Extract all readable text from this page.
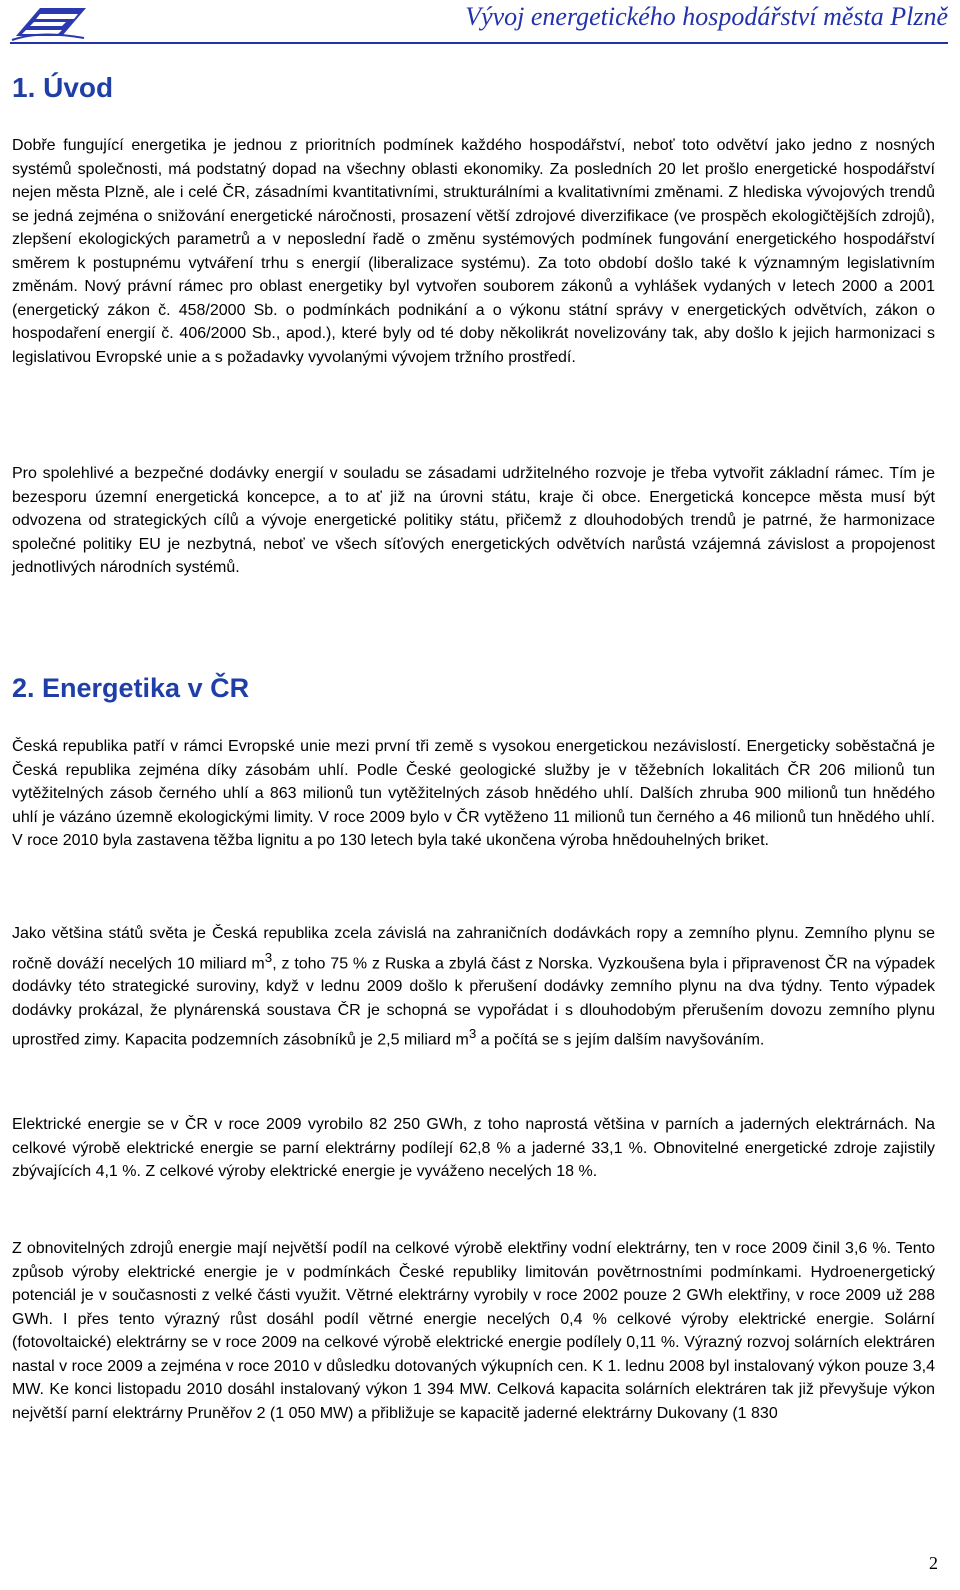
Vývoj energetického hospodářství města Plzně
1. Úvod

Dobře fungující energetika je jednou z prioritních podmínek každého hospodářství, neboť toto odvětví jako jedno z nosných systémů společnosti, má podstatný dopad na všechny oblasti ekonomiky. Za posledních 20 let prošlo energetické hospodářství nejen města Plzně, ale i celé ČR, zásadními kvantitativními, strukturálními a kvalitativními změnami. Z hlediska vývojových trendů se jedná zejména o snižování energetické náročnosti, prosazení větší zdrojové diverzifikace (ve prospěch ekologičtějších zdrojů), zlepšení ekologických parametrů a v neposlední řadě o změnu systémových podmínek fungování energetického hospodářství směrem k postupnému vytváření trhu s energií (liberalizace systému). Za toto období došlo také k významným legislativním změnám. Nový právní rámec pro oblast energetiky byl vytvořen souborem zákonů a vyhlášek vydaných v letech 2000 a 2001 (energetický zákon č. 458/2000 Sb. o podmínkách podnikání a o výkonu státní správy v energetických odvětvích, zákon o hospodaření energií č. 406/2000 Sb., apod.), které byly od té doby několikrát novelizovány tak, aby došlo k jejich harmonizaci s legislativou Evropské unie a s požadavky vyvolanými vývojem tržního prostředí.

Pro spolehlivé a bezpečné dodávky energií v souladu se zásadami udržitelného rozvoje je třeba vytvořit základní rámec. Tím je bezesporu územní energetická koncepce, a to ať již na úrovni státu, kraje či obce. Energetická koncepce města musí být odvozena od strategických cílů a vývoje energetické politiky státu, přičemž z dlouhodobých trendů je patrné, že harmonizace společné politiky EU je nezbytná, neboť ve všech síťových energetických odvětvích narůstá vzájemná závislost a propojenost jednotlivých národních systémů.

2. Energetika v ČR

Česká republika patří v rámci Evropské unie mezi první tři země s vysokou energetickou nezávislostí. Energeticky soběstačná je Česká republika zejména díky zásobám uhlí. Podle České geologické služby je v těžebních lokalitách ČR 206 milionů tun vytěžitelných zásob černého uhlí a 863 milionů tun vytěžitelných zásob hnědého uhlí. Dalších zhruba 900 milionů tun hnědého uhlí je vázáno územně ekologickými limity. V roce 2009 bylo v ČR vytěženo 11 milionů tun černého a 46 milionů tun hnědého uhlí. V roce 2010 byla zastavena těžba lignitu a po 130 letech byla také ukončena výroba hnědouhelných briket.

Jako většina států světa je Česká republika zcela závislá na zahraničních dodávkách ropy a zemního plynu. Zemního plynu se ročně dováží necelých 10 miliard $m^3$, z toho 75 % z Ruska a zbylá část z Norska. Vyzkoušena byla i připravenost ČR na výpadek dodávky této strategické suroviny, když v lednu 2009 došlo k přerušení dodávky zemního plynu na dva týdny. Tento výpadek dodávky prokázal, že plynárenská soustava ČR je schopná se vypořádat i s dlouhodobým přerušením dovozu zemního plynu uprostřed zimy. Kapacita podzemních zásobníků je 2,5 miliard $m^3$ a počítá se s jejím dalším navyšováním.

Elektrické energie se v ČR v roce 2009 vyrobilo 82 250 GWh, z toho naprostá většina v parních a jaderných elektrárnách. Na celkové výrobě elektrické energie se parní elektrárny podílejí 62,8 % a jaderné 33,1 %. Obnovitelné energetické zdroje zajistily zbývajících 4,1 %. Z celkové výroby elektrické energie je vyváženo necelých 18 %.

Z obnovitelných zdrojů energie mají největší podíl na celkové výrobě elektřiny vodní elektrárny, ten v roce 2009 činil 3,6 %. Tento způsob výroby elektrické energie je v podmínkách České republiky limitován povětrnostními podmínkami. Hydroenergetický potenciál je v současnosti z velké části využit. Větrné elektrárny vyrobily v roce 2002 pouze 2 GWh elektřiny, v roce 2009 už 288 GWh. I přes tento výrazný růst dosáhl podíl větrné energie necelých 0,4 % celkové výroby elektrické energie. Solární (fotovoltaické) elektrárny se v roce 2009 na celkové výrobě elektrické energie podílely 0,11 %. Výrazný rozvoj solárních elektráren nastal v roce 2009 a zejména v roce 2010 v důsledku dotovaných výkupních cen. K 1. lednu 2008 byl instalovaný výkon pouze 3,4 MW. Ke konci listopadu 2010 dosáhl instalovaný výkon 1 394 MW. Celková kapacita solárních elektráren tak již převyšuje výkon největší parní elektrárny Pruněřov 2 (1 050 MW) a přibližuje se kapacitě jaderné elektrárny Dukovany (1 830

2
